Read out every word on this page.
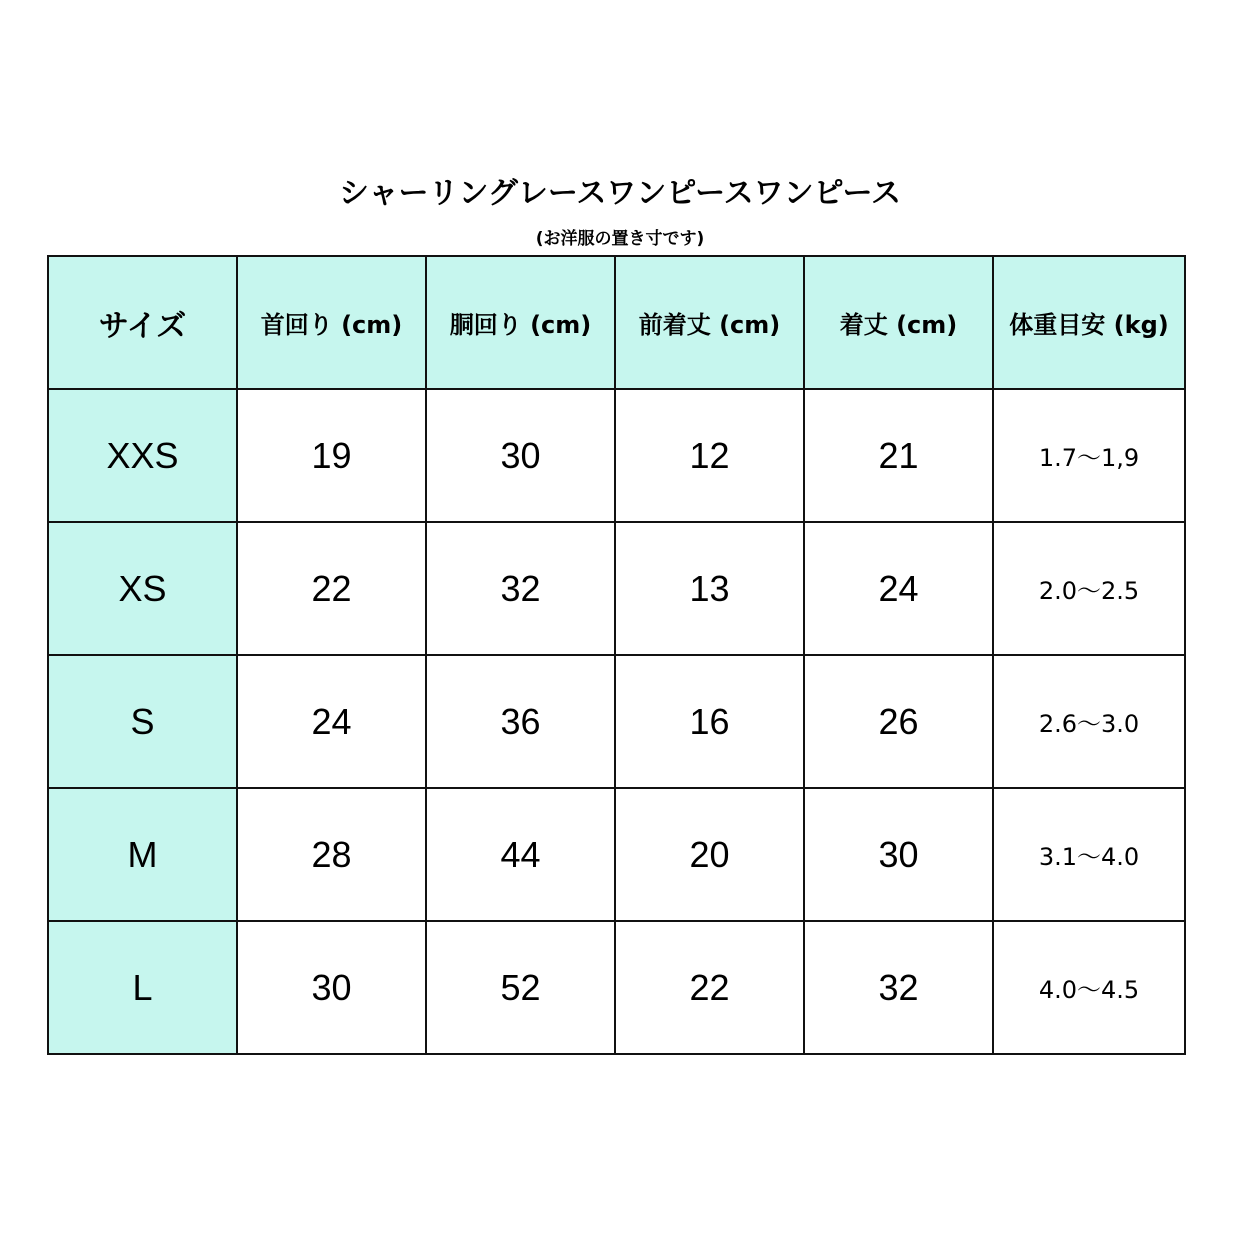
シャーリングレースワンピースワンピース
(お洋服の置き寸です)
サイズ	首回り (cm)	胴回り (cm)	前着丈 (cm)	着丈 (cm)	体重目安 (kg)
XXS	19	30	12	21	1.7～1,9
XS	22	32	13	24	2.0～2.5
S	24	36	16	26	2.6～3.0
M	28	44	20	30	3.1～4.0
L	30	52	22	32	4.0～4.5
